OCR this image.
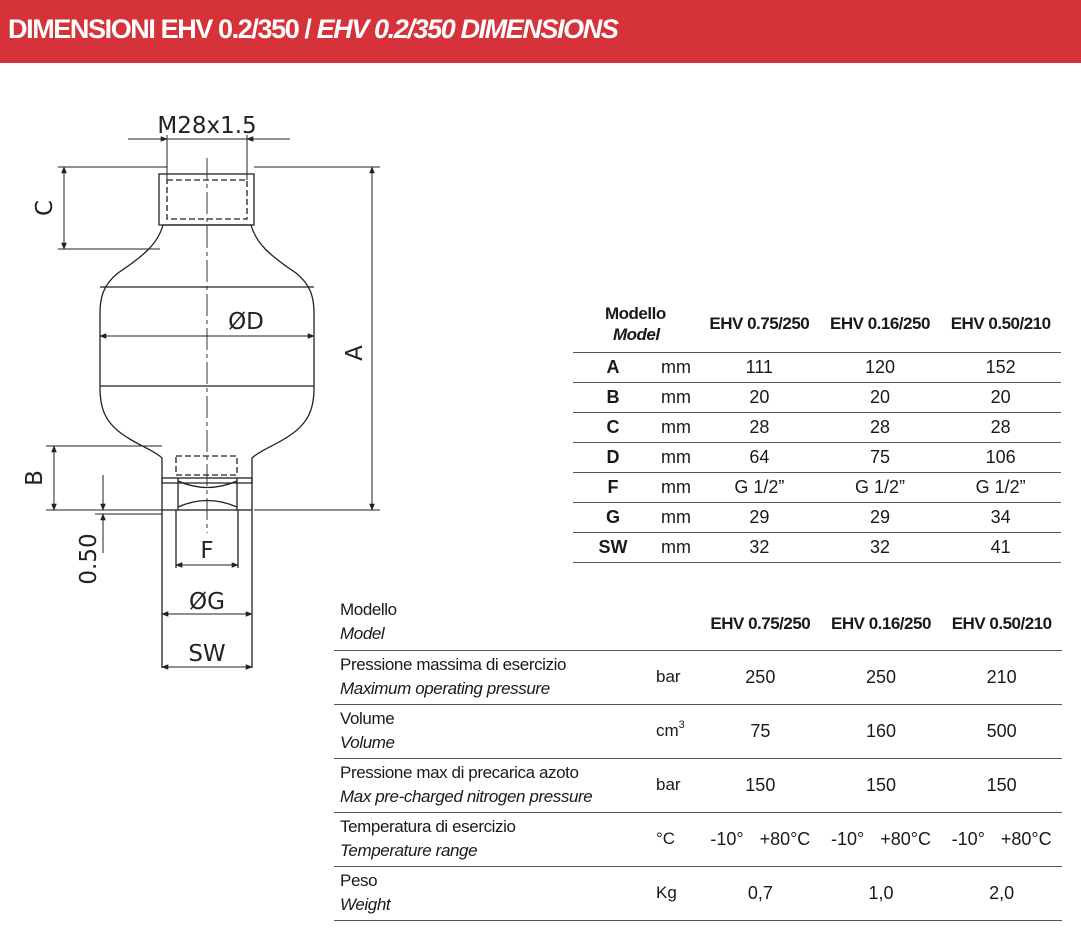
DIMENSIONI EHV 0.2/350 / EHV 0.2/350 DIMENSIONS
M28x1.5
C
ØD
A
B
0.50	F
ØG
SW
Modello
Model		EHV 0.75/250	EHV 0.16/250	EHV 0.50/210
A	mm	111	120	152
B	mm	20	20	20
C	mm	28	28	28
D	mm	64	75	106
F	mm	G 1/2”	G 1/2”	G 1/2”
G	mm	29	29	34
SW	mm	32	32	41
Modello
Model		EHV 0.75/250	EHV 0.16/250	EHV 0.50/210
Pressione massima di esercizio
Maximum operating pressure	bar	250	250	210
Volume
Volume	$cm^3$	75	160	500
Pressione max di precarica azoto
Max pre-charged nitrogen pressure	bar	150	150	150
Temperatura di esercizio
Temperature range	°C	-10° +80°C	-10° +80°C	-10° +80°C
Peso
Weight	Kg	0,7	1,0	2,0
